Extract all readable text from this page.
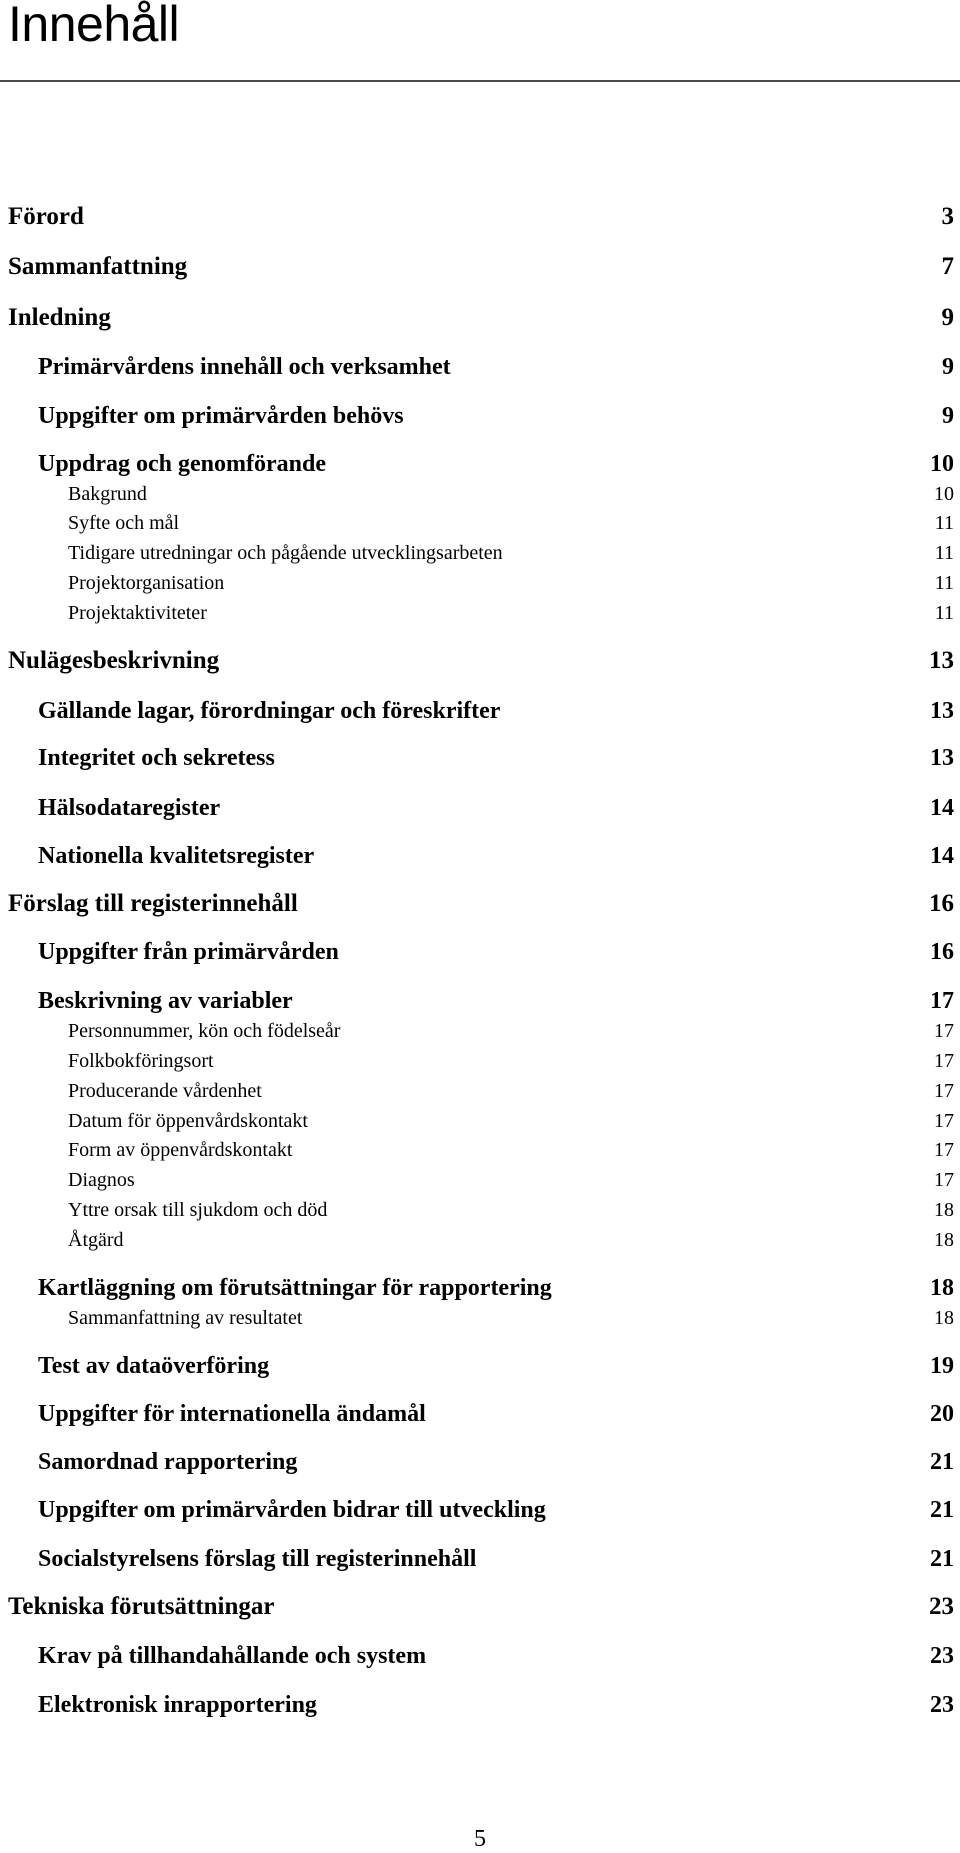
Innehåll
Förord	3
Sammanfattning	7
Inledning	9
Primärvårdens innehåll och verksamhet	9
Uppgifter om primärvården behövs	9
Uppdrag och genomförande	10
Bakgrund	10
Syfte och mål	11
Tidigare utredningar och pågående utvecklingsarbeten	11
Projektorganisation	11
Projektaktiviteter	11
Nulägesbeskrivning	13
Gällande lagar, förordningar och föreskrifter	13
Integritet och sekretess	13
Hälsodataregister	14
Nationella kvalitetsregister	14
Förslag till registerinnehåll	16
Uppgifter från primärvården	16
Beskrivning av variabler	17
Personnummer, kön och födelseår	17
Folkbokföringsort	17
Producerande vårdenhet	17
Datum för öppenvårdskontakt	17
Form av öppenvårdskontakt	17
Diagnos	17
Yttre orsak till sjukdom och död	18
Åtgärd	18
Kartläggning om förutsättningar för rapportering	18
Sammanfattning av resultatet	18
Test av dataöverföring	19
Uppgifter för internationella ändamål	20
Samordnad rapportering	21
Uppgifter om primärvården bidrar till utveckling	21
Socialstyrelsens förslag till registerinnehåll	21
Tekniska förutsättningar	23
Krav på tillhandahållande och system	23
Elektronisk inrapportering	23
5
